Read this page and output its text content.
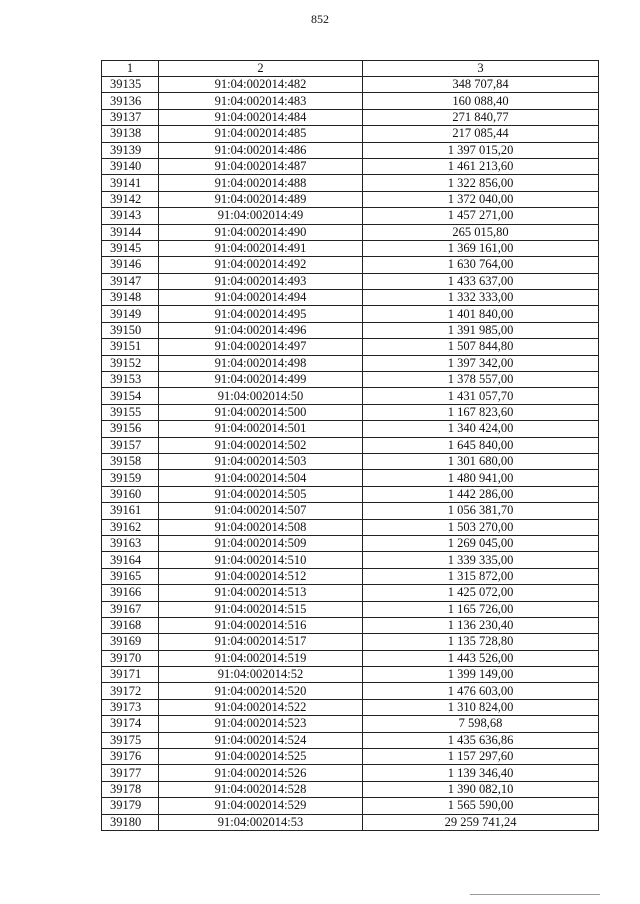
852
1	2	3
39135	91:04:002014:482	348 707,84
39136	91:04:002014:483	160 088,40
39137	91:04:002014:484	271 840,77
39138	91:04:002014:485	217 085,44
39139	91:04:002014:486	1 397 015,20
39140	91:04:002014:487	1 461 213,60
39141	91:04:002014:488	1 322 856,00
39142	91:04:002014:489	1 372 040,00
39143	91:04:002014:49	1 457 271,00
39144	91:04:002014:490	265 015,80
39145	91:04:002014:491	1 369 161,00
39146	91:04:002014:492	1 630 764,00
39147	91:04:002014:493	1 433 637,00
39148	91:04:002014:494	1 332 333,00
39149	91:04:002014:495	1 401 840,00
39150	91:04:002014:496	1 391 985,00
39151	91:04:002014:497	1 507 844,80
39152	91:04:002014:498	1 397 342,00
39153	91:04:002014:499	1 378 557,00
39154	91:04:002014:50	1 431 057,70
39155	91:04:002014:500	1 167 823,60
39156	91:04:002014:501	1 340 424,00
39157	91:04:002014:502	1 645 840,00
39158	91:04:002014:503	1 301 680,00
39159	91:04:002014:504	1 480 941,00
39160	91:04:002014:505	1 442 286,00
39161	91:04:002014:507	1 056 381,70
39162	91:04:002014:508	1 503 270,00
39163	91:04:002014:509	1 269 045,00
39164	91:04:002014:510	1 339 335,00
39165	91:04:002014:512	1 315 872,00
39166	91:04:002014:513	1 425 072,00
39167	91:04:002014:515	1 165 726,00
39168	91:04:002014:516	1 136 230,40
39169	91:04:002014:517	1 135 728,80
39170	91:04:002014:519	1 443 526,00
39171	91:04:002014:52	1 399 149,00
39172	91:04:002014:520	1 476 603,00
39173	91:04:002014:522	1 310 824,00
39174	91:04:002014:523	7 598,68
39175	91:04:002014:524	1 435 636,86
39176	91:04:002014:525	1 157 297,60
39177	91:04:002014:526	1 139 346,40
39178	91:04:002014:528	1 390 082,10
39179	91:04:002014:529	1 565 590,00
39180	91:04:002014:53	29 259 741,24
